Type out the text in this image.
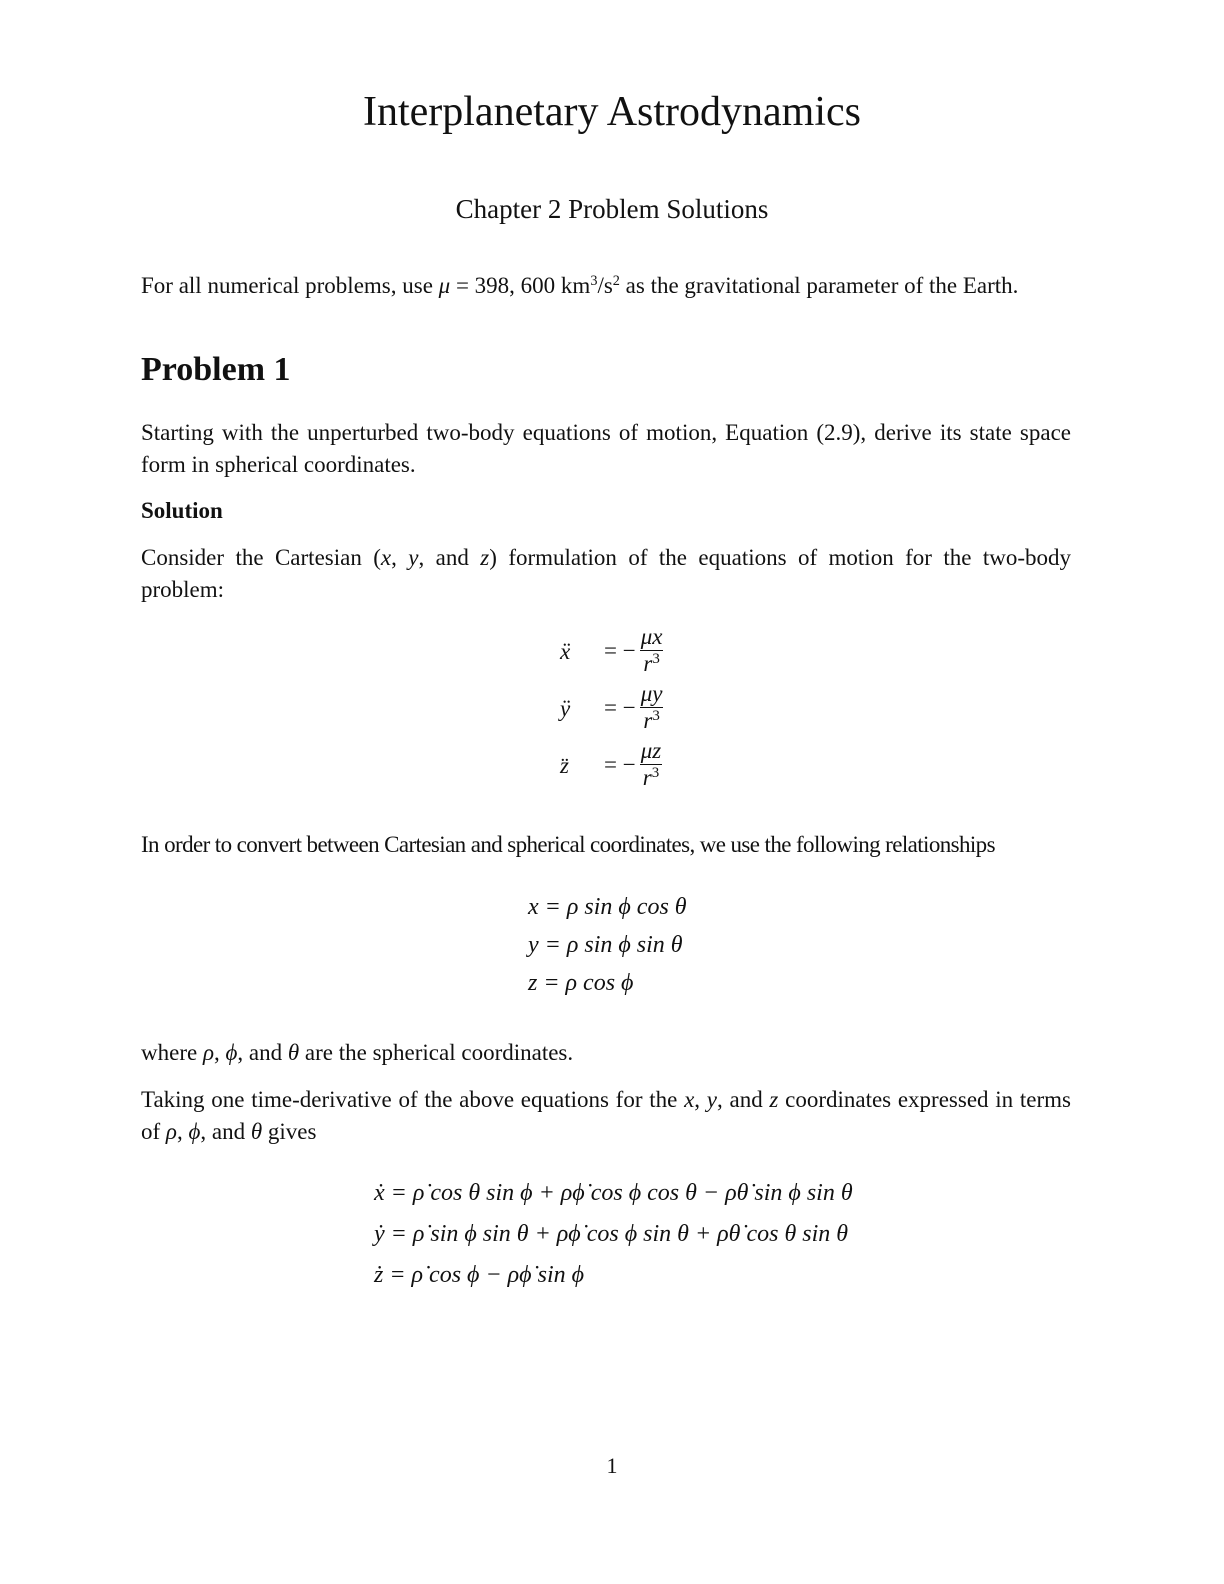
Interplanetary Astrodynamics
Chapter 2 Problem Solutions
For all numerical problems, use μ = 398, 600 $km^3/s^2$ as the gravitational parameter of the Earth.
Problem 1
Starting with the unperturbed two-body equations of motion, Equation (2.9), derive its state space form in spherical coordinates.
Solution
Consider the Cartesian (x, y, and z) formulation of the equations of motion for the two-body problem:
ẍ = − $\frac{\mu x}{r^3}$
ÿ = − $\frac{\mu y}{r^3}$
z̈ = − $\frac{\mu z}{r^3}$
In order to convert between Cartesian and spherical coordinates, we use the following relationships
x = ρ sin ϕ cos θ
y = ρ sin ϕ sin θ
z = ρ cos ϕ
where ρ, ϕ, and θ are the spherical coordinates.
Taking one time-derivative of the above equations for the x, y, and z coordinates expressed in terms of ρ, ϕ, and θ gives
ẋ = ρ̇ cos θ sin ϕ + ρϕ̇ cos ϕ cos θ − ρθ̇ sin ϕ sin θ
ẏ = ρ̇ sin ϕ sin θ + ρϕ̇ cos ϕ sin θ + ρθ̇ cos θ sin θ
ż = ρ̇ cos ϕ − ρϕ̇ sin ϕ
1
